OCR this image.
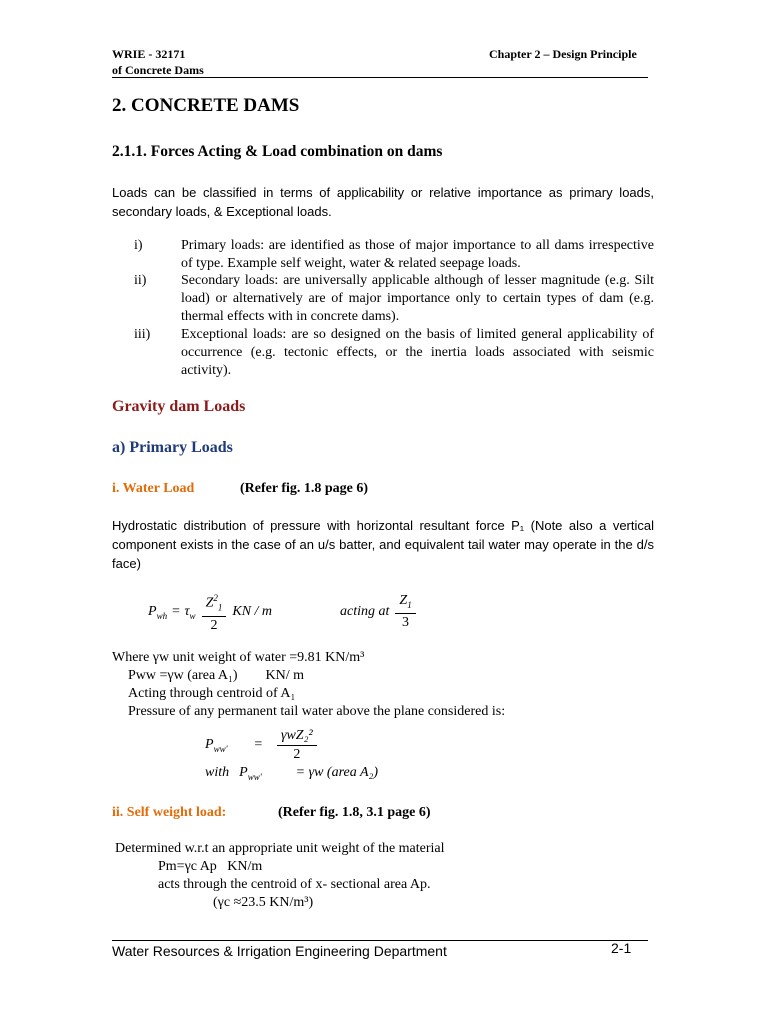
WRIE - 32171
of Concrete Dams
Chapter 2 – Design Principle
2. CONCRETE DAMS
2.1.1. Forces Acting & Load combination on dams
Loads can be classified in terms of applicability or relative importance as primary loads, secondary loads, & Exceptional loads.
i)	Primary loads: are identified as those of major importance to all dams irrespective of type. Example self weight, water & related seepage loads.
ii) Secondary loads: are universally applicable although of lesser magnitude (e.g. Silt load) or alternatively are of major importance only to certain types of dam (e.g. thermal effects with in concrete dams).
iii) Exceptional loads: are so designed on the basis of limited general applicability of occurrence (e.g. tectonic effects, or the inertia loads associated with seismic activity).
Gravity dam Loads
a) Primary Loads
i. Water Load	(Refer fig. 1.8 page 6)
Hydrostatic distribution of pressure with horizontal resultant force P₁ (Note also a vertical component exists in the case of an u/s batter, and equivalent tail water may operate in the d/s face)
$P_{wh} = \tau_w \frac{Z^2_1}{2}$ KN / m	acting at $\frac{Z_1}{3}$
Where γw unit weight of water =9.81 KN/m³
Pww =γw (area A₁)        KN/ m
Acting through centroid of A₁
Pressure of any permanent tail water above the plane considered is:
$P_{ww'} = \frac{\text{γwZ₂²}}{2}$
with $P_{ww'} = \gamma w$ (area A₂)
ii. Self weight load:	(Refer fig. 1.8, 3.1 page 6)
Determined w.r.t an appropriate unit weight of the material
Pm=γc Ap   KN/m
acts through the centroid of x- sectional area Ap.
(γc ≈23.5 KN/m³)
Water Resources & Irrigation Engineering Department	2-1
